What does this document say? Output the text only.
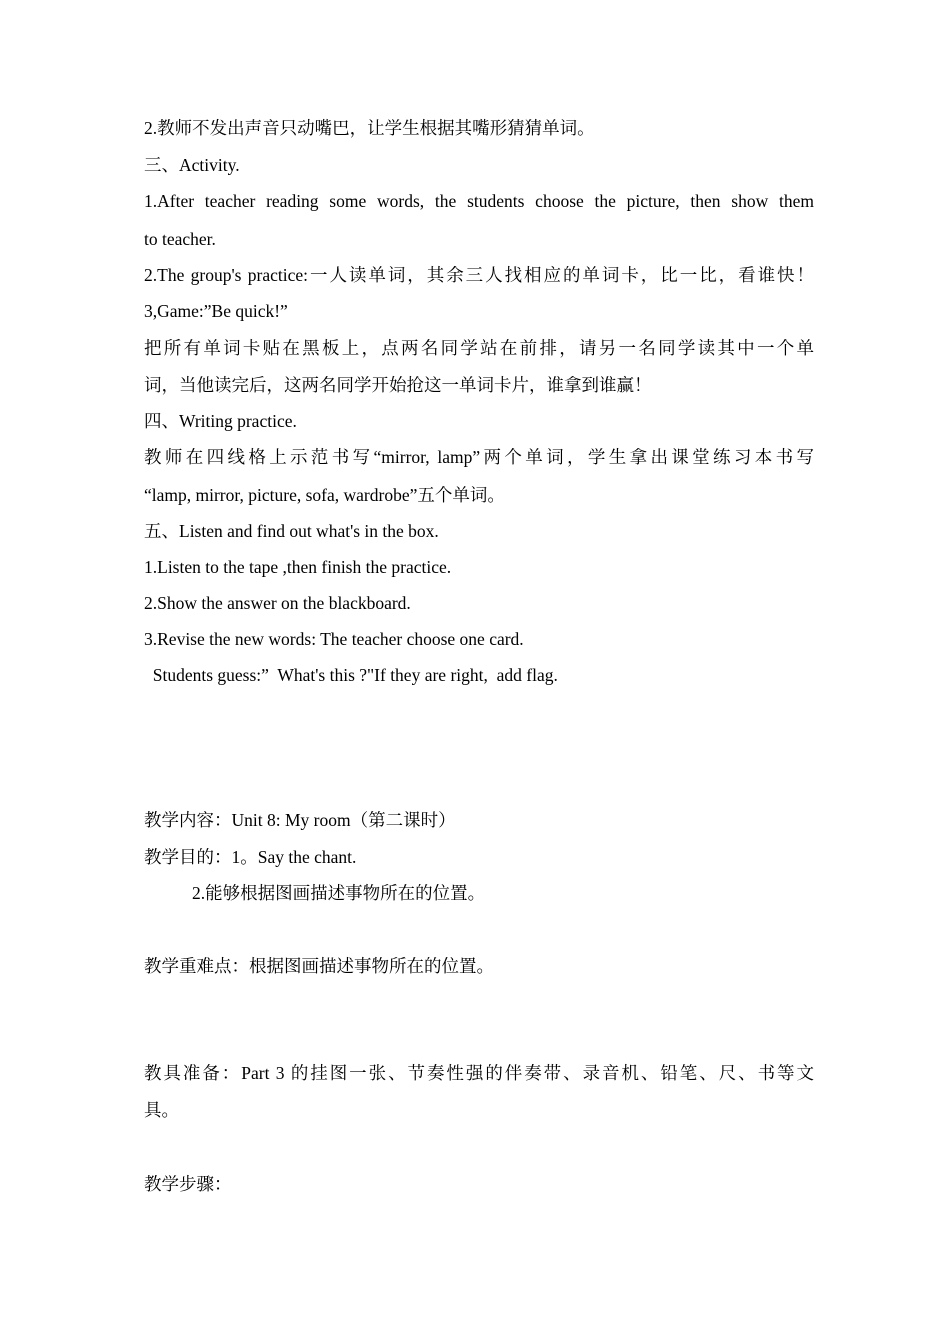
2.教师不发出声音只动嘴巴，让学生根据其嘴形猜猜单词。
三、Activity.
1.After teacher reading some words, the students choose the picture, then show them
to teacher.
2.The group's practice:一人读单词，其余三人找相应的单词卡，比一比，看谁快！
3,Game:”Be quick!”
把所有单词卡贴在黑板上，点两名同学站在前排，请另一名同学读其中一个单
词，当他读完后，这两名同学开始抢这一单词卡片，谁拿到谁赢！
四、Writing practice.
教师在四线格上示范书写“mirror, lamp”两个单词，学生拿出课堂练习本书写
“lamp, mirror, picture, sofa, wardrobe”五个单词。
五、Listen and find out what's in the box.
1.Listen to the tape ,then finish the practice.
2.Show the answer on the blackboard.
3.Revise the new words: The teacher choose one card.
Students guess:”  What's this ?"If they are right,  add flag.
教学内容：Unit 8: My room（第二课时）
教学目的：1。Say the chant.
2.能够根据图画描述事物所在的位置。
教学重难点：根据图画描述事物所在的位置。
教具准备：Part 3 的挂图一张、节奏性强的伴奏带、录音机、铅笔、尺、书等文
具。
教学步骤：
